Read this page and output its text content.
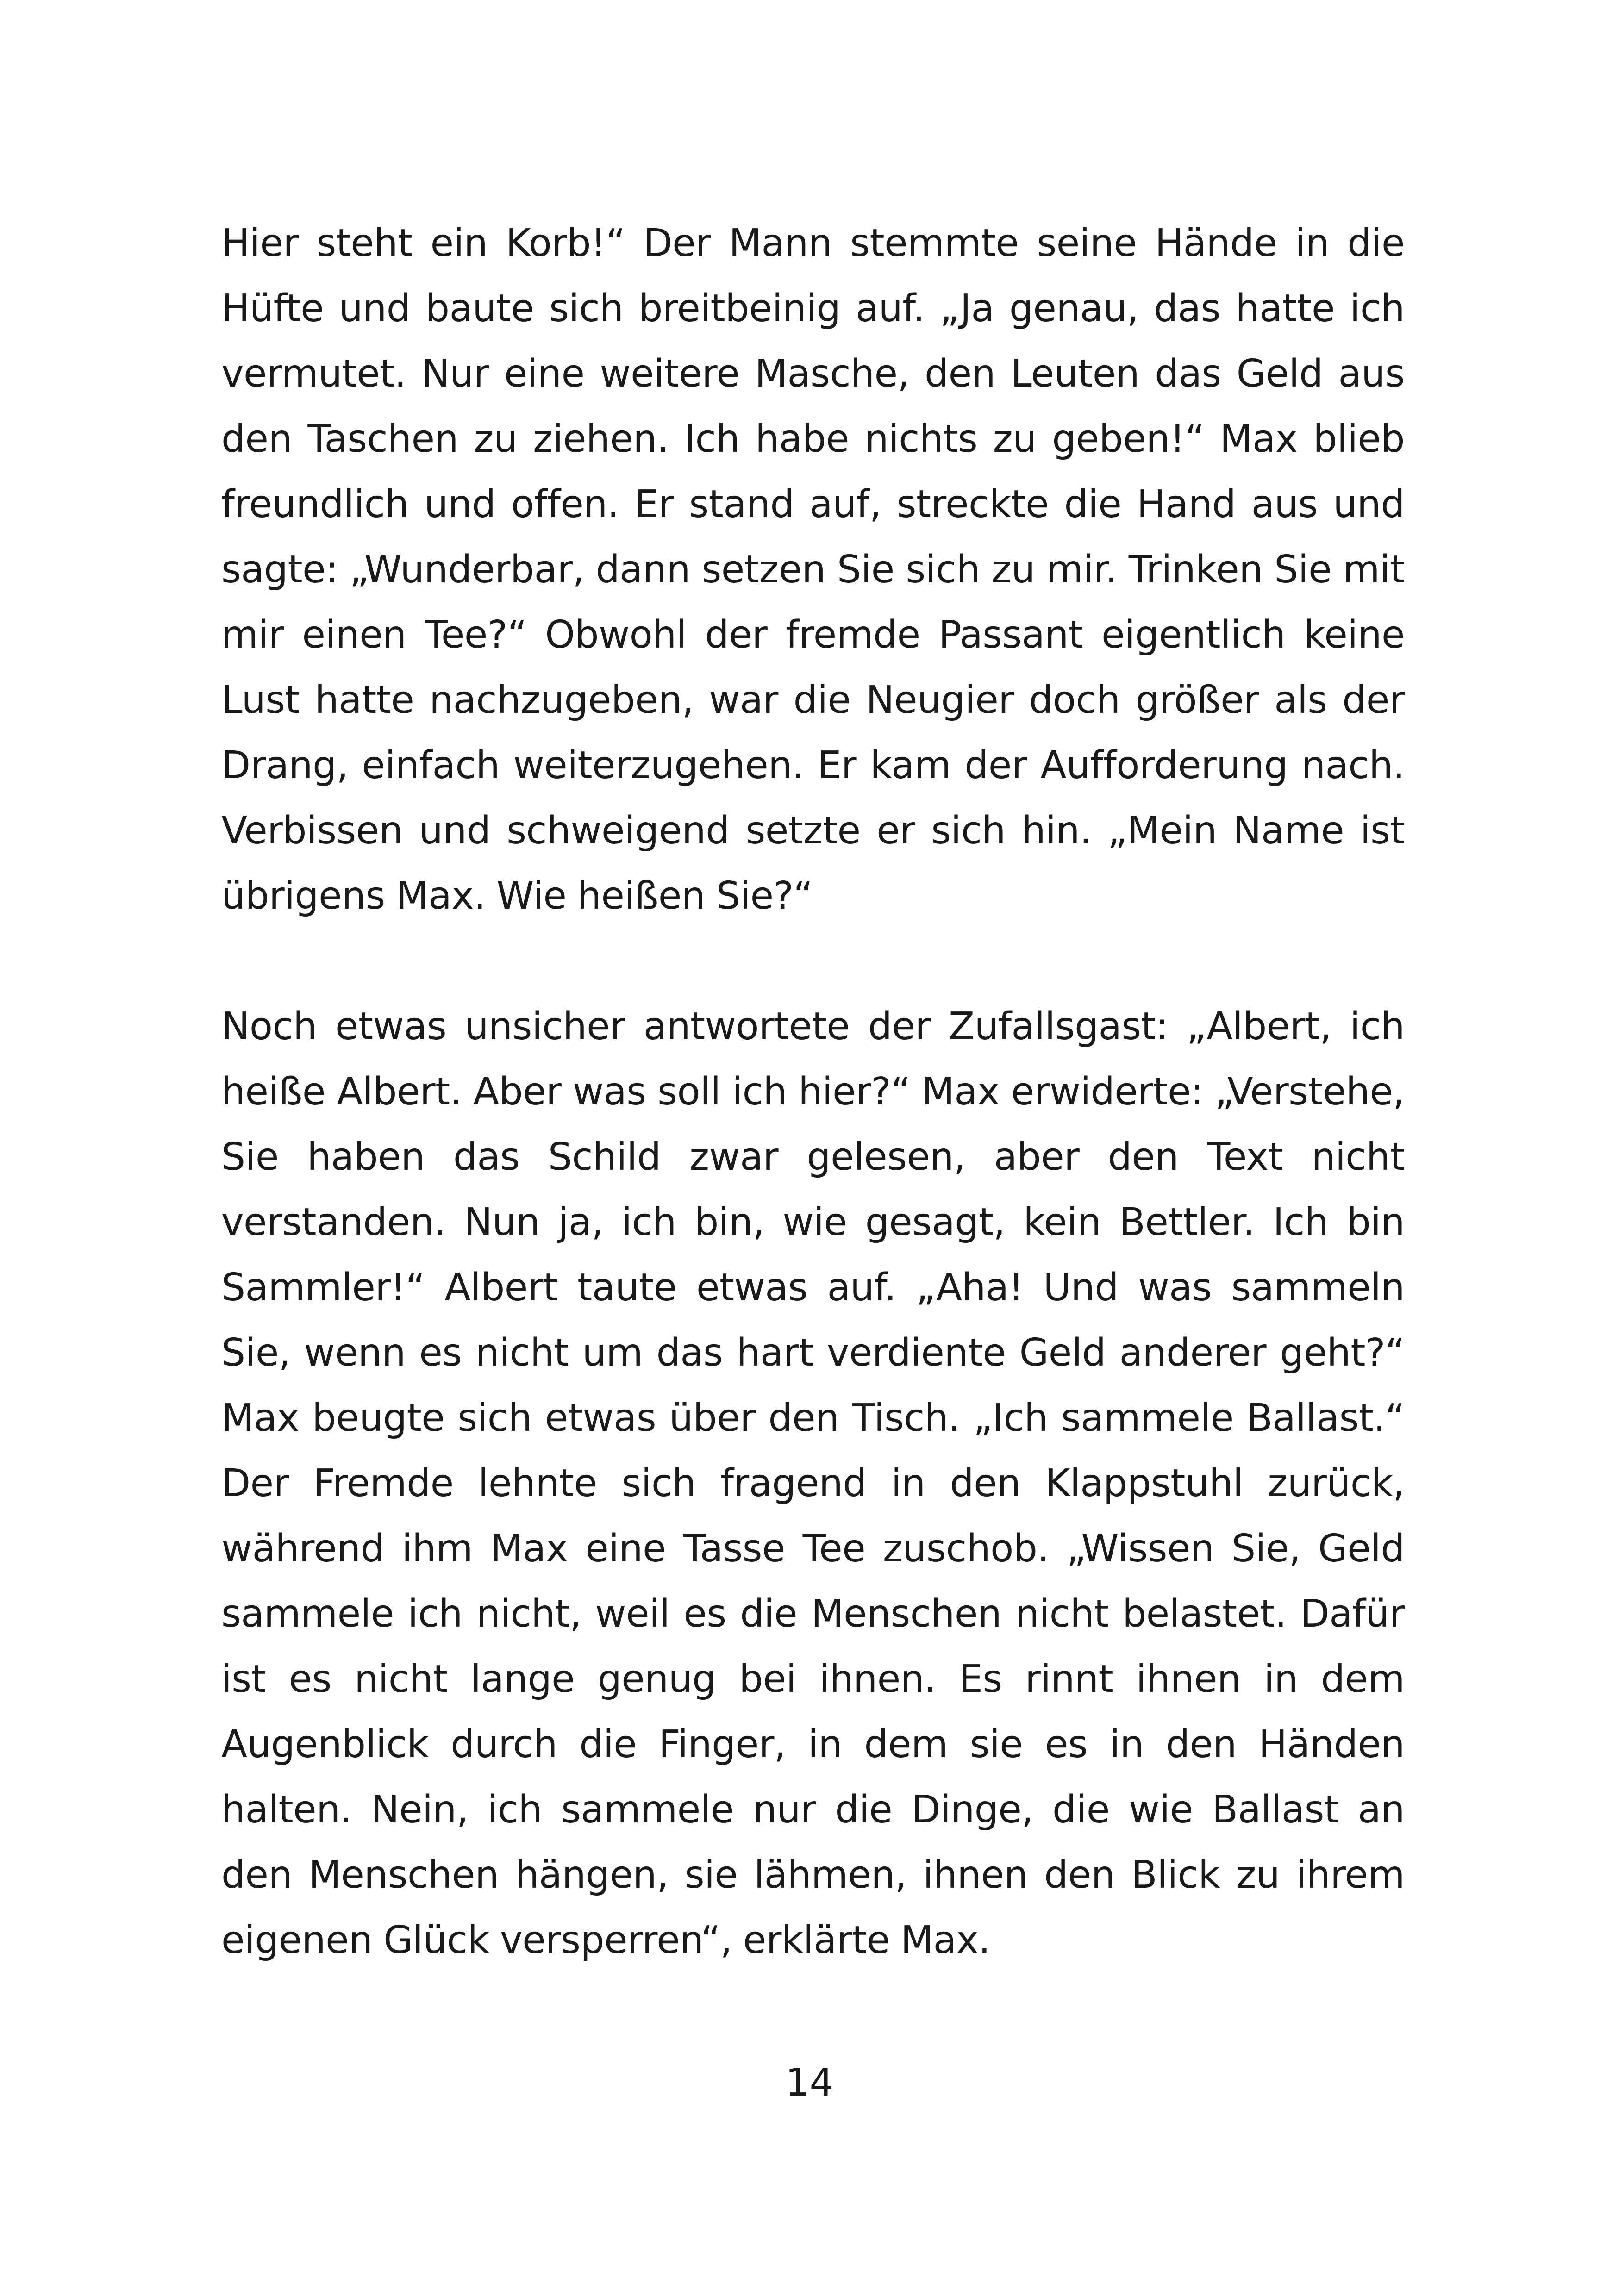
Hier steht ein Korb!“ Der Mann stemmte seine Hände in die Hüfte und baute sich breitbeinig auf. „Ja genau, das hatte ich vermutet. Nur eine weitere Masche, den Leuten das Geld aus den Taschen zu ziehen. Ich habe nichts zu geben!“ Max blieb freundlich und offen. Er stand auf, streckte die Hand aus und sagte: „Wunderbar, dann setzen Sie sich zu mir. Trinken Sie mit mir einen Tee?“ Obwohl der fremde Passant eigentlich keine Lust hatte nachzugeben, war die Neugier doch größer als der Drang, einfach weiterzugehen. Er kam der Aufforderung nach. Verbissen und schweigend setzte er sich hin. „Mein Name ist übrigens Max. Wie heißen Sie?“

Noch etwas unsicher antwortete der Zufallsgast: „Albert, ich heiße Albert. Aber was soll ich hier?“ Max erwiderte: „Verstehe, Sie haben das Schild zwar gelesen, aber den Text nicht verstanden. Nun ja, ich bin, wie gesagt, kein Bettler. Ich bin Sammler!“ Albert taute etwas auf. „Aha! Und was sammeln Sie, wenn es nicht um das hart verdiente Geld anderer geht?“ Max beugte sich etwas über den Tisch. „Ich sammele Ballast.“ Der Fremde lehnte sich fragend in den Klappstuhl zurück, während ihm Max eine Tasse Tee zuschob. „Wissen Sie, Geld sammele ich nicht, weil es die Menschen nicht belastet. Dafür ist es nicht lange genug bei ihnen. Es rinnt ihnen in dem Augenblick durch die Finger, in dem sie es in den Händen halten. Nein, ich sammele nur die Dinge, die wie Ballast an den Menschen hängen, sie lähmen, ihnen den Blick zu ihrem eigenen Glück versperren“, erklärte Max.

14
